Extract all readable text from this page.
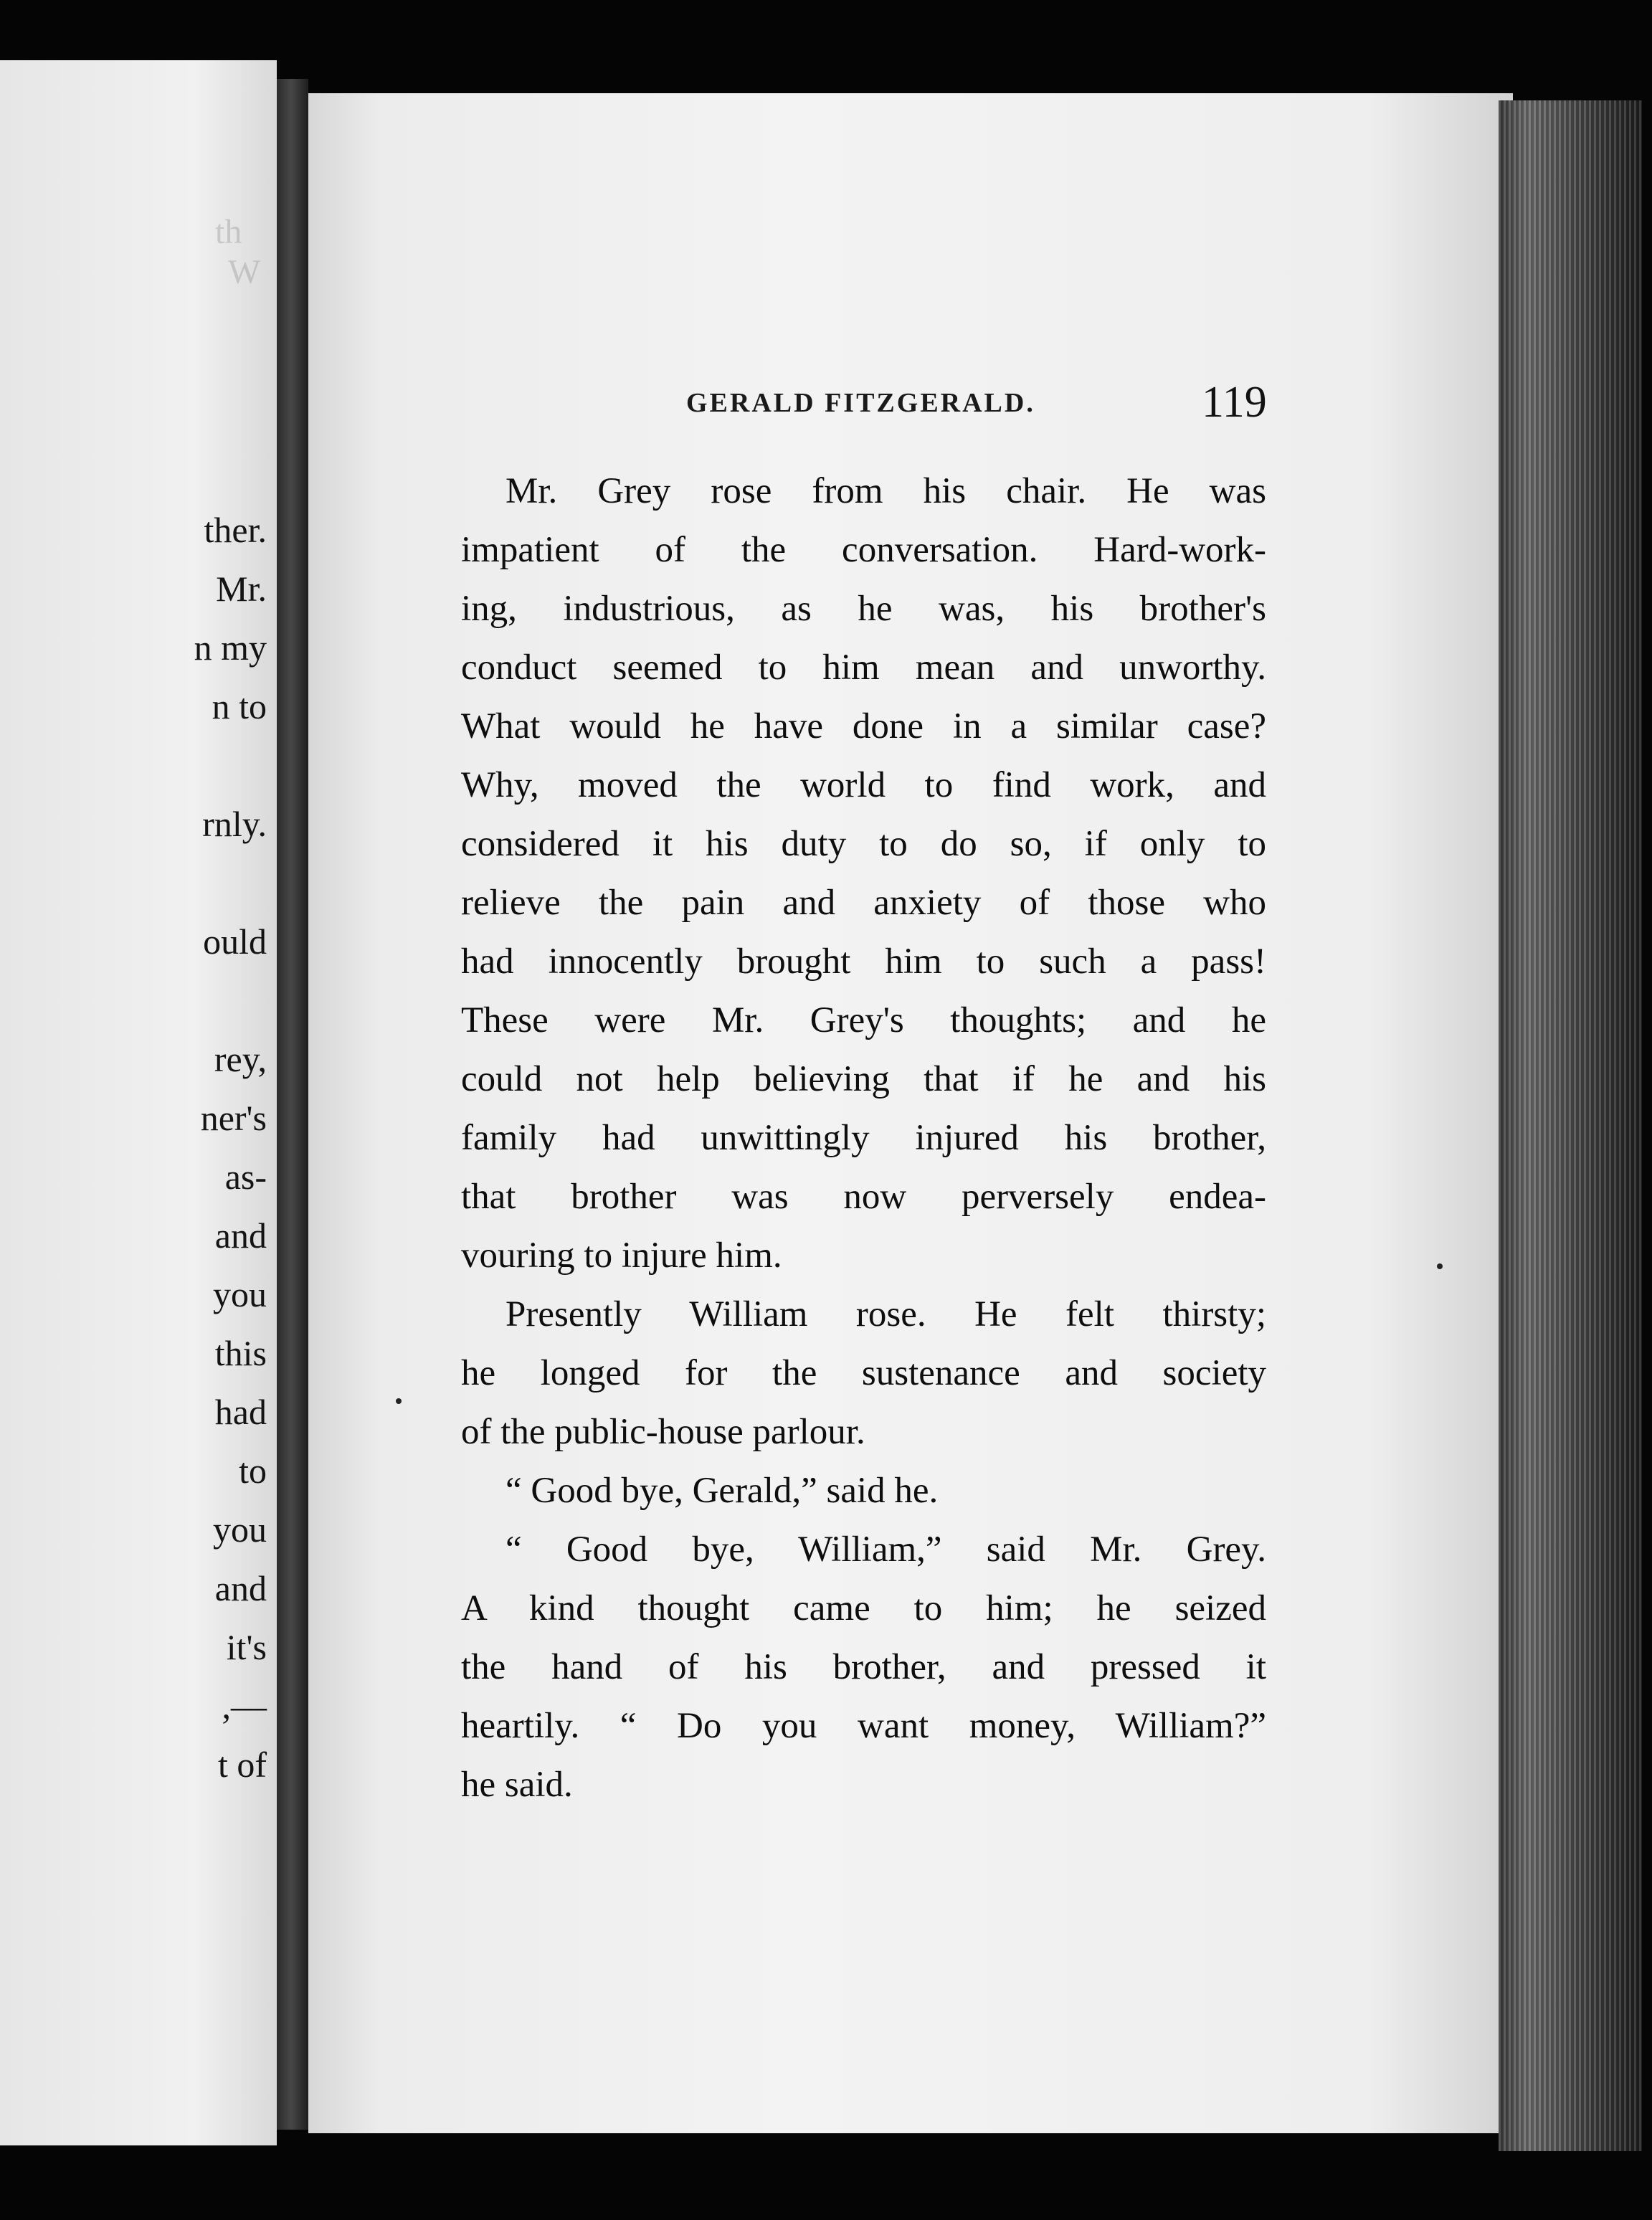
th
W
ther.
Mr.
n my
n to
rnly.
ould
rey,
ner's
as-
and
you
this
had
to
you
and
it's
,—
t of
GERALD FITZGERALD.	119
Mr. Grey rose from his chair. He was
impatient of the conversation. Hard-work-
ing, industrious, as he was, his brother's
conduct seemed to him mean and unworthy.
What would he have done in a similar case?
Why, moved the world to find work, and
considered it his duty to do so, if only to
relieve the pain and anxiety of those who
had innocently brought him to such a pass!
These were Mr. Grey's thoughts; and he
could not help believing that if he and his
family had unwittingly injured his brother,
that brother was now perversely endea-
vouring to injure him.
Presently William rose. He felt thirsty;
he longed for the sustenance and society
of the public-house parlour.
“ Good bye, Gerald,” said he.
“ Good bye, William,” said Mr. Grey.
A kind thought came to him; he seized
the hand of his brother, and pressed it
heartily. “ Do you want money, William?”
he said.
